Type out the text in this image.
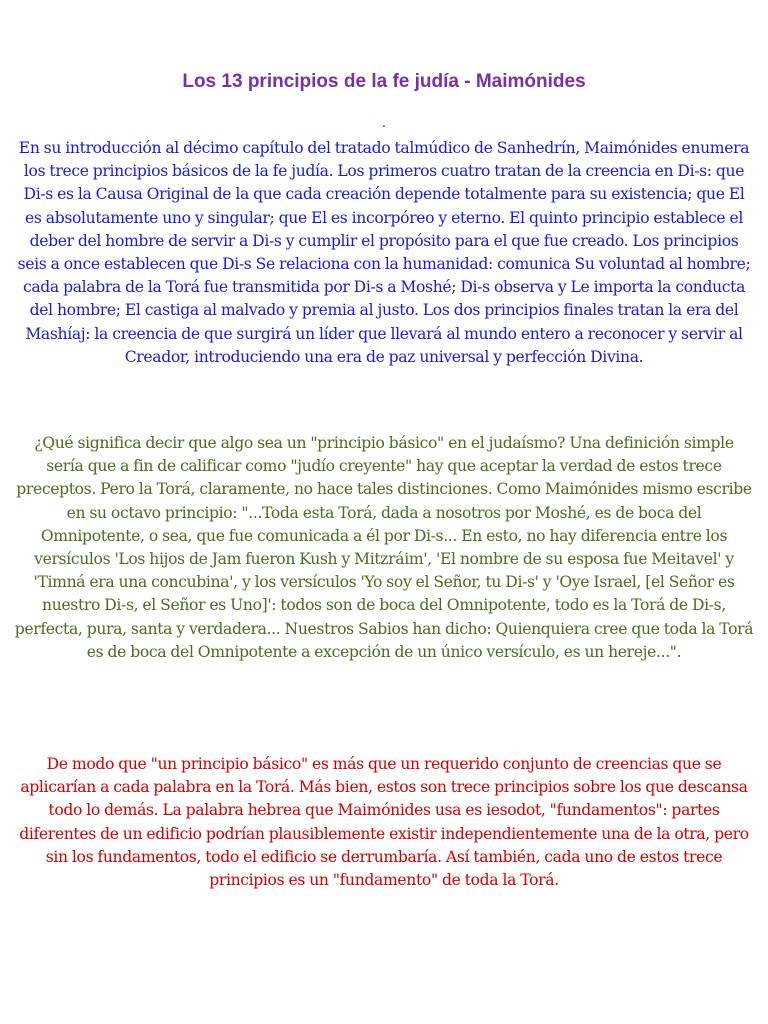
Los 13 principios de la fe judía - Maimónides
.

En su introducción al décimo capítulo del tratado talmúdico de Sanhedrín, Maimónides enumera los trece principios básicos de la fe judía. Los primeros cuatro tratan de la creencia en Di-s: que Di-s es la Causa Original de la que cada creación depende totalmente para su existencia; que El es absolutamente uno y singular; que El es incorpóreo y eterno. El quinto principio establece el deber del hombre de servir a Di-s y cumplir el propósito para el que fue creado. Los principios seis a once establecen que Di-s Se relaciona con la humanidad: comunica Su voluntad al hombre; cada palabra de la Torá fue transmitida por Di-s a Moshé; Di-s observa y Le importa la conducta del hombre; El castiga al malvado y premia al justo. Los dos principios finales tratan la era del Mashíaj: la creencia de que surgirá un líder que llevará al mundo entero a reconocer y servir al Creador, introduciendo una era de paz universal y perfección Divina.

¿Qué significa decir que algo sea un "principio básico" en el judaísmo? Una definición simple sería que a fin de calificar como "judío creyente" hay que aceptar la verdad de estos trece preceptos. Pero la Torá, claramente, no hace tales distinciones. Como Maimónides mismo escribe en su octavo principio: "...Toda esta Torá, dada a nosotros por Moshé, es de boca del Omnipotente, o sea, que fue comunicada a él por Di-s... En esto, no hay diferencia entre los versículos 'Los hijos de Jam fueron Kush y Mitzráim', 'El nombre de su esposa fue Meitavel' y 'Timná era una concubina', y los versículos 'Yo soy el Señor, tu Di-s' y 'Oye Israel, [el Señor es nuestro Di-s, el Señor es Uno]': todos son de boca del Omnipotente, todo es la Torá de Di-s, perfecta, pura, santa y verdadera... Nuestros Sabios han dicho: Quienquiera cree que toda la Torá es de boca del Omnipotente a excepción de un único versículo, es un hereje...".

De modo que "un principio básico" es más que un requerido conjunto de creencias que se aplicarían a cada palabra en la Torá. Más bien, estos son trece principios sobre los que descansa todo lo demás. La palabra hebrea que Maimónides usa es iesodot, "fundamentos": partes diferentes de un edificio podrían plausiblemente existir independientemente una de la otra, pero sin los fundamentos, todo el edificio se derrumbaría. Así también, cada uno de estos trece principios es un "fundamento" de toda la Torá.
